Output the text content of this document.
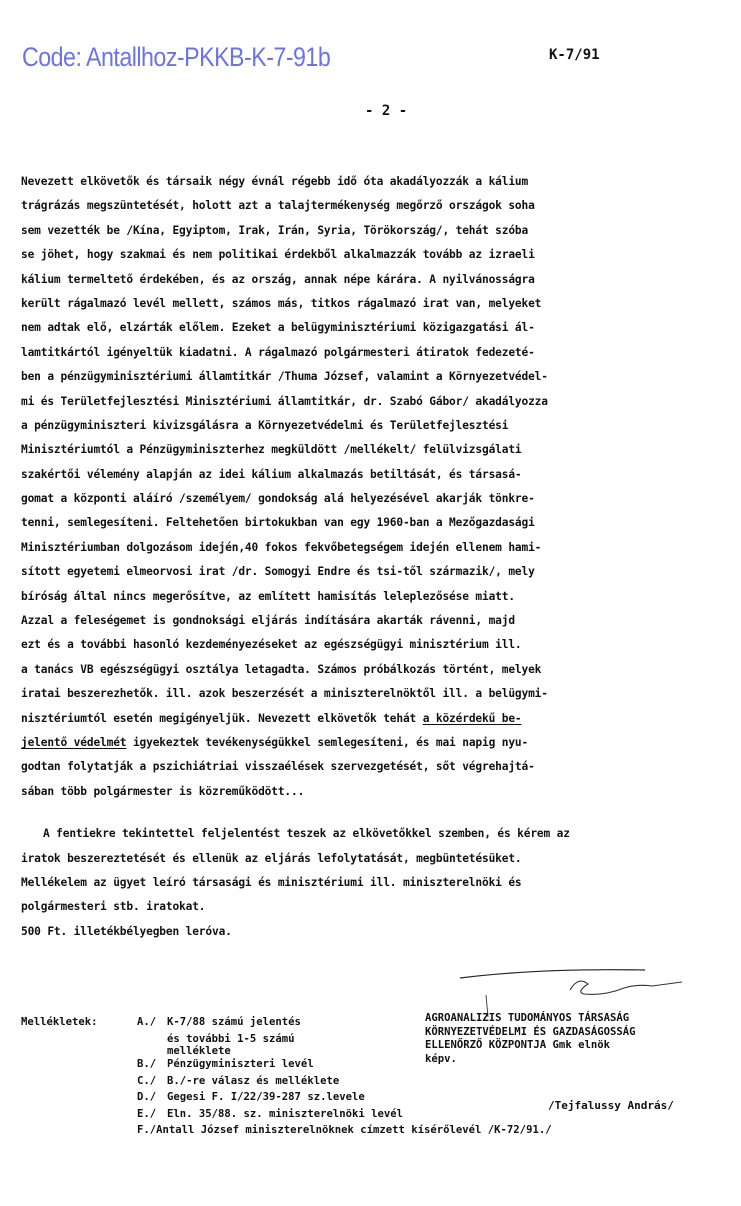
Code: Antallhoz-PKKB-K-7-91b	K-7/91
- 2 -
Nevezett elkövetők és társaik négy évnál régebb idő óta akadályozzák a kálium
trágrázás megszüntetését, holott azt a talajtermékenység megőrző országok soha
sem vezették be /Kína, Egyiptom, Irak, Irán, Syria, Törökország/, tehát szóba
se jöhet, hogy szakmai és nem politikai érdekből alkalmazzák tovább az izraeli
kálium termeltető érdekében, és az ország, annak népe kárára. A nyilvánosságra
került rágalmazó levél mellett, számos más, titkos rágalmazó irat van, melyeket
nem adtak elő, elzárták előlem. Ezeket a belügyminisztériumi közigazgatási ál-
lamtitkártól igényeltük kiadatni. A rágalmazó polgármesteri átiratok fedezeté-
ben a pénzügyminisztériumi államtitkár /Thuma József, valamint a Környezetvédel-
mi és Területfejlesztési Minisztériumi államtitkár, dr. Szabó Gábor/ akadályozza
a pénzügyminiszteri kivizsgálásra a Környezetvédelmi és Területfejlesztési
Minisztériumtól a Pénzügyminiszterhez megküldött /mellékelt/ felülvizsgálati
szakértői vélemény alapján az idei kálium alkalmazás betiltását, és társasá-
gomat a központi aláíró /személyem/ gondokság alá helyezésével akarják tönkre-
tenni, semlegesíteni. Feltehetően birtokukban van egy 1960-ban a Mezőgazdasági
Minisztériumban dolgozásom idején,40 fokos fekvőbetegségem idején ellenem hami-
sított egyetemi elmeorvosi irat /dr. Somogyi Endre és tsi-től származik/, mely
bíróság által nincs megerősítve, az említett hamisítás leleplezősése miatt.
Azzal a feleségemet is gondnoksági eljárás indítására akarták rávenni, majd
ezt és a további hasonló kezdeményezéseket az egészségügyi minisztérium ill.
a tanács VB egészségügyi osztálya letagadta. Számos próbálkozás történt, melyek
iratai beszerezhetők. ill. azok beszerzését a miniszterelnöktől ill. a belügymi-
nisztériumtól esetén megigényeljük. Nevezett elkövetők tehát a közérdekű be-
jelentő védelmét igyekeztek tevékenységükkel semlegesíteni, és mai napig nyu-
godtan folytatják a pszichiátriai visszaélések szervezgetését, sőt végrehajtá-
sában több polgármester is közreműködött...
A fentiekre tekintettel feljelentést teszek az elkövetőkkel szemben, és kérem az
iratok beszereztetését és ellenük az eljárás lefolytatását, megbüntetésüket.
Mellékelem az ügyet leíró társasági és minisztériumi ill. miniszterelnöki és
polgármesteri stb. iratokat.
500 Ft. illetékbélyegben leróva.
Mellékletek:	A./	K-7/88 számú jelentés
és további 1-5 számú
melléklete
B./	Pénzügyminiszteri levél
C./	B./-re válasz és melléklete
D./	Gegesi F. I/22/39-287 sz.levele
E./	Eln. 35/88. sz. miniszterelnöki levél
F./ Antall József miniszterelnöknek címzett kísérőlevél /K-72/91./
AGROANALIZIS TUDOMÁNYOS TÁRSASÁG
KÖRNYEZETVÉDELMI ÉS GAZDASÁGOSSÁG
ELLENŐRZŐ KÖZPONTJA Gmk elnök
képv.
/Tejfalussy András/
